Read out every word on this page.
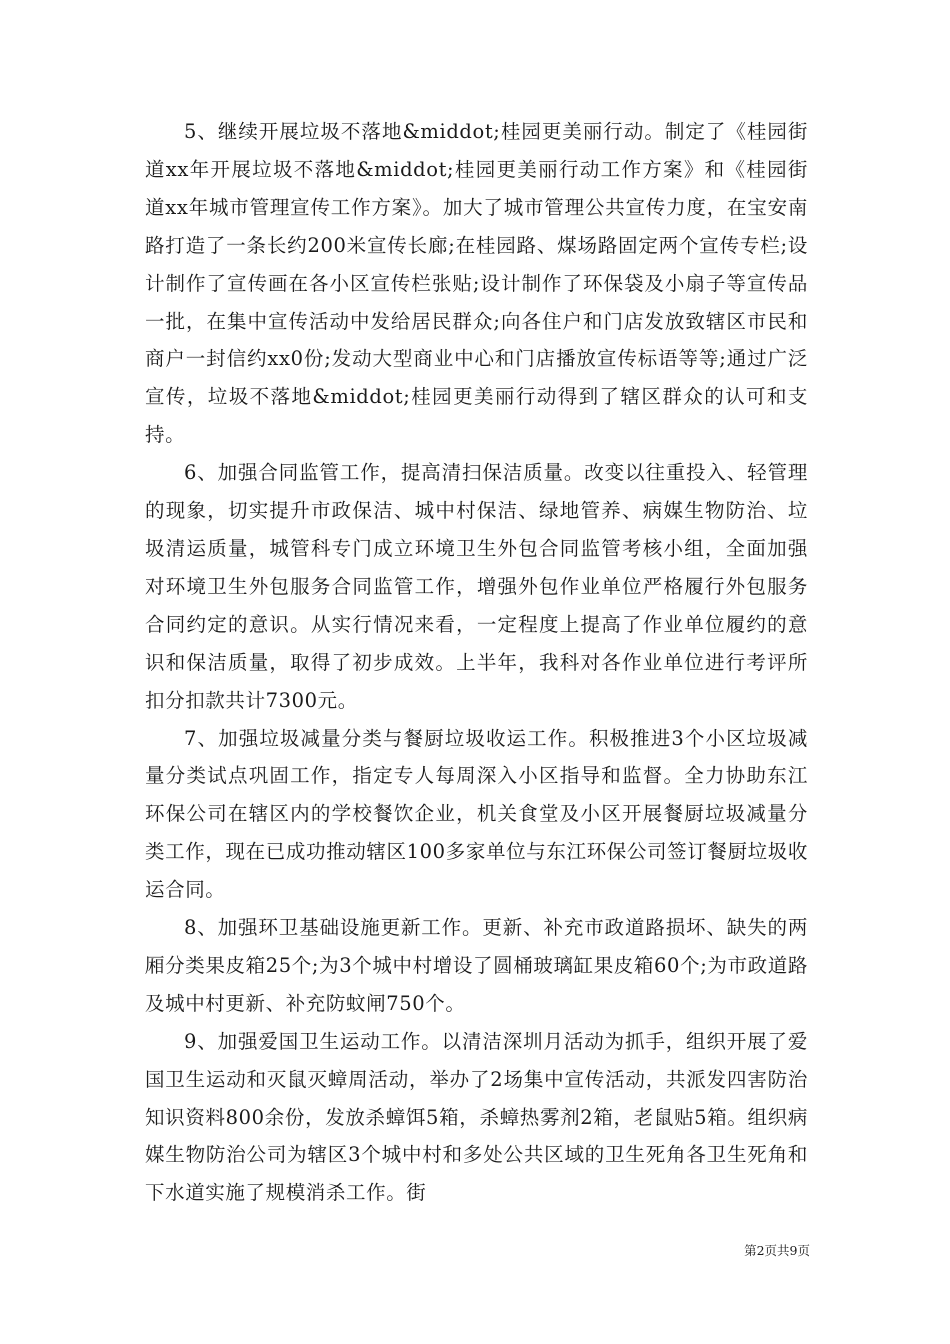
5、继续开展垃圾不落地&middot;桂园更美丽行动。制定了《桂园街道xx年开展垃圾不落地&middot;桂园更美丽行动工作方案》和《桂园街道xx年城市管理宣传工作方案》。加大了城市管理公共宣传力度，在宝安南路打造了一条长约200米宣传长廊;在桂园路、煤场路固定两个宣传专栏;设计制作了宣传画在各小区宣传栏张贴;设计制作了环保袋及小扇子等宣传品一批，在集中宣传活动中发给居民群众;向各住户和门店发放致辖区市民和商户一封信约xx0份;发动大型商业中心和门店播放宣传标语等等;通过广泛宣传，垃圾不落地&middot;桂园更美丽行动得到了辖区群众的认可和支持。

6、加强合同监管工作，提高清扫保洁质量。改变以往重投入、轻管理的现象，切实提升市政保洁、城中村保洁、绿地管养、病媒生物防治、垃圾清运质量，城管科专门成立环境卫生外包合同监管考核小组，全面加强对环境卫生外包服务合同监管工作，增强外包作业单位严格履行外包服务合同约定的意识。从实行情况来看，一定程度上提高了作业单位履约的意识和保洁质量，取得了初步成效。上半年，我科对各作业单位进行考评所扣分扣款共计7300元。

7、加强垃圾减量分类与餐厨垃圾收运工作。积极推进3个小区垃圾减量分类试点巩固工作，指定专人每周深入小区指导和监督。全力协助东江环保公司在辖区内的学校餐饮企业，机关食堂及小区开展餐厨垃圾减量分类工作，现在已成功推动辖区100多家单位与东江环保公司签订餐厨垃圾收运合同。

8、加强环卫基础设施更新工作。更新、补充市政道路损坏、缺失的两厢分类果皮箱25个;为3个城中村增设了圆桶玻璃缸果皮箱60个;为市政道路及城中村更新、补充防蚊闸750个。

9、加强爱国卫生运动工作。以清洁深圳月活动为抓手，组织开展了爱国卫生运动和灭鼠灭蟑周活动，举办了2场集中宣传活动，共派发四害防治知识资料800余份，发放杀蟑饵5箱，杀蟑热雾剂2箱，老鼠贴5箱。组织病媒生物防治公司为辖区3个城中村和多处公共区域的卫生死角各卫生死角和下水道实施了规模消杀工作。街

第2页共9页
